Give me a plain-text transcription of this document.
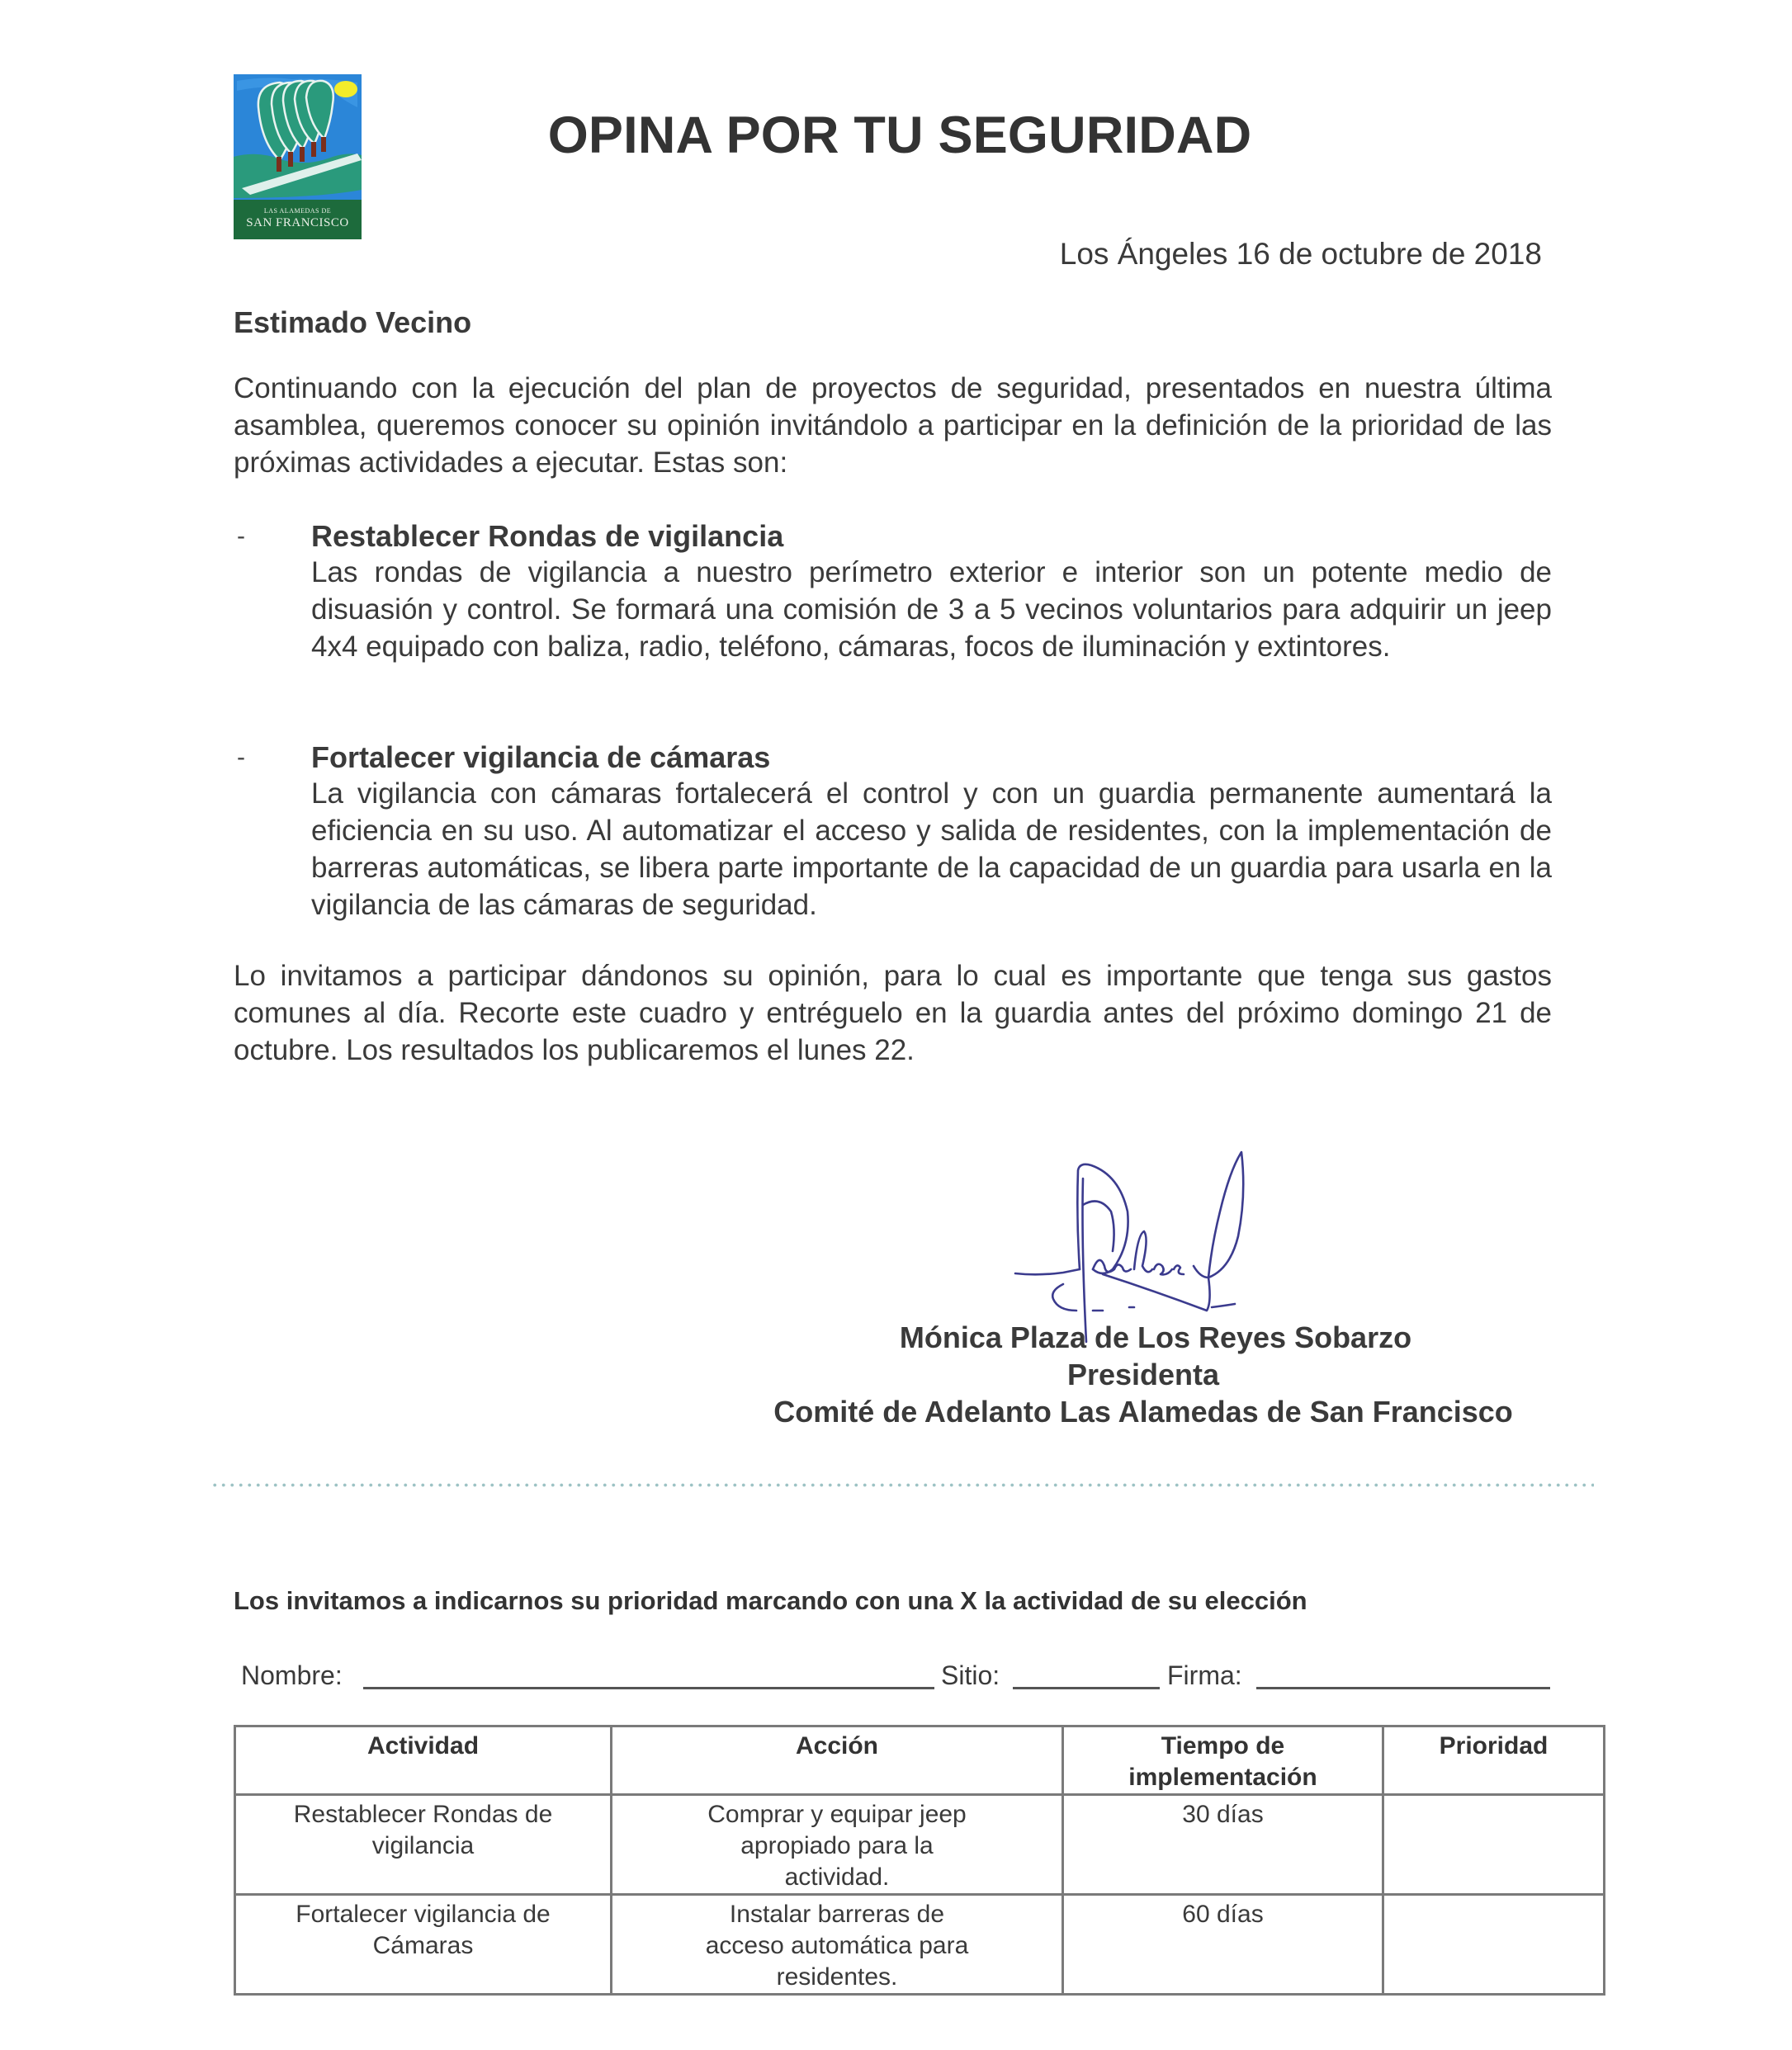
LAS ALAMEDAS DE
SAN FRANCISCO
OPINA POR TU SEGURIDAD
Los Ángeles 16 de octubre de 2018
Estimado Vecino
Continuando con la ejecución del plan de proyectos de seguridad, presentados en nuestra última asamblea, queremos conocer su opinión invitándolo a participar en la definición de la prioridad de las próximas actividades a ejecutar. Estas son:
- Restablecer Rondas de vigilancia
Las rondas de vigilancia a nuestro perímetro exterior e interior son un potente medio de disuasión y control. Se formará una comisión de 3 a 5 vecinos voluntarios para adquirir un jeep 4x4 equipado con baliza, radio, teléfono, cámaras, focos de iluminación y extintores.
- Fortalecer vigilancia de cámaras
La vigilancia con cámaras fortalecerá el control y con un guardia permanente aumentará la eficiencia en su uso. Al automatizar el acceso y salida de residentes, con la implementación de barreras automáticas, se libera parte importante de la capacidad de un guardia para usarla en la vigilancia de las cámaras de seguridad.
Lo invitamos a participar dándonos su opinión, para lo cual es importante que tenga sus gastos comunes al día. Recorte este cuadro y entréguelo en la guardia antes del próximo domingo 21 de octubre. Los resultados los publicaremos el lunes 22.
Mónica Plaza de Los Reyes Sobarzo
Presidenta
Comité de Adelanto Las Alamedas de San Francisco
Los invitamos a indicarnos su prioridad marcando con una X la actividad de su elección
Nombre:	Sitio:	Firma:
Actividad	Acción	Tiempo de implementación	Prioridad
Restablecer Rondas de vigilancia	Comprar y equipar jeep apropiado para la actividad.	30 días	
Fortalecer vigilancia de Cámaras	Instalar barreras de acceso automática para residentes.	60 días	
